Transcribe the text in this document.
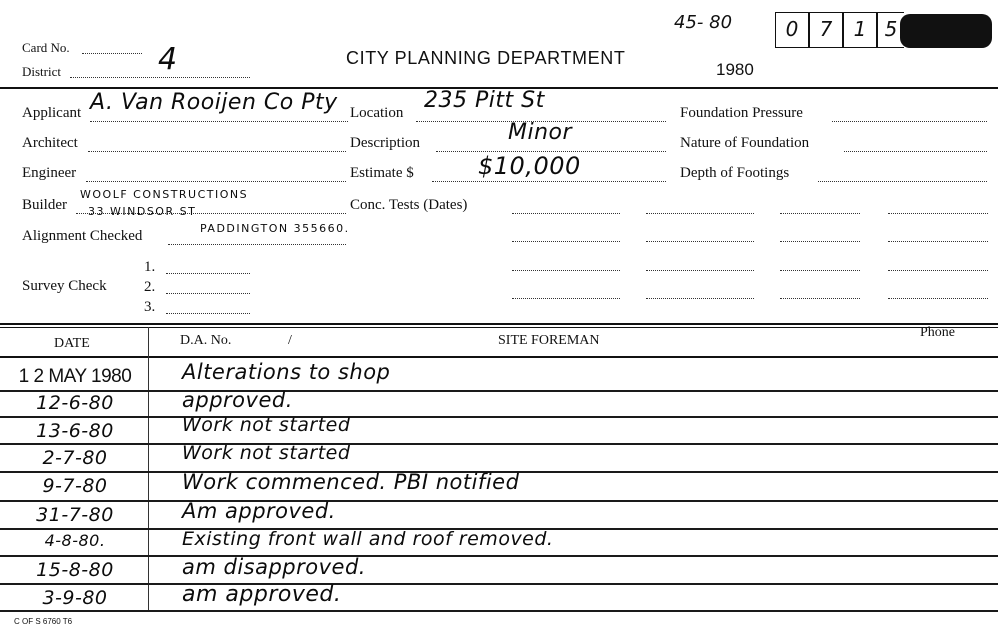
45- 80	0	7	1 5
Card No.
District	4	CITY PLANNING DEPARTMENT
1980
Applicant A. Van Rooijen Co Pty Location 235 Pitt St	Foundation Pressure
Architect	Description	Minor	Nature of Foundation
Engineer	Estimate $	$10,000	Depth of Footings
Builder
WOOLF CONSTRUCTIONS
33 WINDSOR ST
PADDINGTON 355660.
Conc. Tests (Dates)
Alignment Checked
Survey Check
1.
2.
3.
DATE	D.A. No.	/	SITE FOREMAN
Phone
1 2 MAY 1980	Alterations to shop
12-6-80	approved.
13-6-80	Work not started
2-7-80	Work not started
9-7-80	Work commenced. PBI notified
31-7-80	Am approved.
4-8-80.	Existing front wall and roof removed.
15-8-80	am disapproved.
3-9-80	am approved.
C OF S 6760 T6
